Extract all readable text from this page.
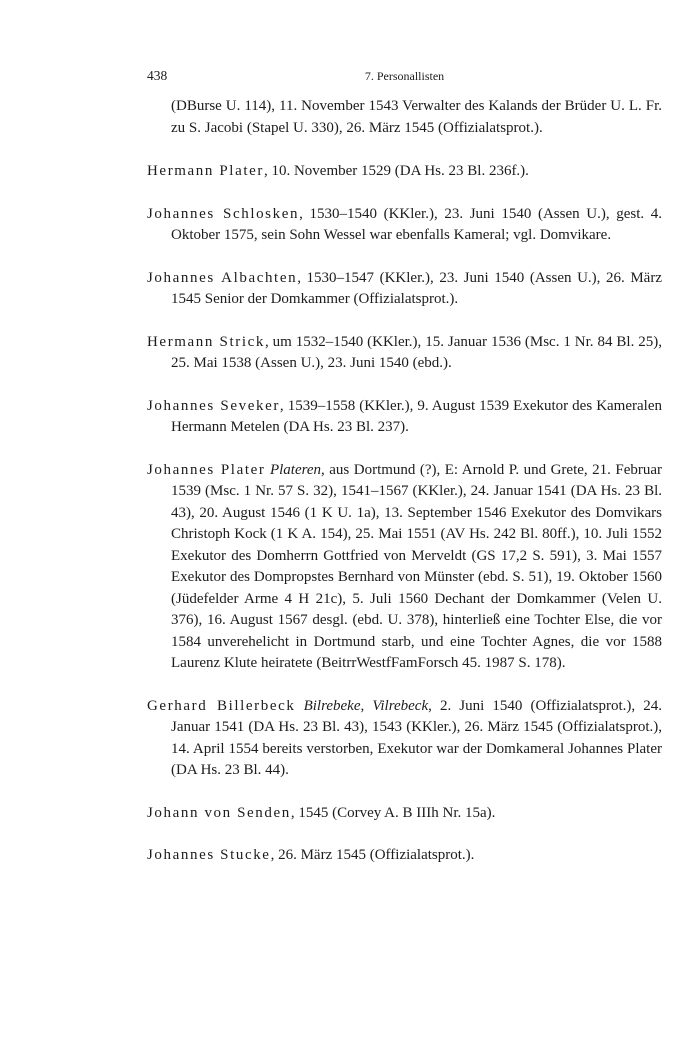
438	7. Personallisten

(DBurse U. 114), 11. November 1543 Verwalter des Kalands der Brüder U. L. Fr. zu S. Jacobi (Stapel U. 330), 26. März 1545 (Offizialatsprot.).

Hermann Plater, 10. November 1529 (DA Hs. 23 Bl. 236f.).

Johannes Schlosken, 1530–1540 (KKler.), 23. Juni 1540 (Assen U.), gest. 4. Oktober 1575, sein Sohn Wessel war ebenfalls Kameral; vgl. Domvikare.

Johannes Albachten, 1530–1547 (KKler.), 23. Juni 1540 (Assen U.), 26. März 1545 Senior der Domkammer (Offizialatsprot.).

Hermann Strick, um 1532–1540 (KKler.), 15. Januar 1536 (Msc. 1 Nr. 84 Bl. 25), 25. Mai 1538 (Assen U.), 23. Juni 1540 (ebd.).

Johannes Seveker, 1539–1558 (KKler.), 9. August 1539 Exekutor des Kameralen Hermann Metelen (DA Hs. 23 Bl. 237).

Johannes Plater Plateren, aus Dortmund (?), E: Arnold P. und Grete, 21. Februar 1539 (Msc. 1 Nr. 57 S. 32), 1541–1567 (KKler.), 24. Januar 1541 (DA Hs. 23 Bl. 43), 20. August 1546 (1 K U. 1a), 13. September 1546 Exekutor des Domvikars Christoph Kock (1 K A. 154), 25. Mai 1551 (AV Hs. 242 Bl. 80ff.), 10. Juli 1552 Exekutor des Domherrn Gottfried von Merveldt (GS 17,2 S. 591), 3. Mai 1557 Exekutor des Dompropstes Bernhard von Münster (ebd. S. 51), 19. Oktober 1560 (Jüdefelder Arme 4 H 21c), 5. Juli 1560 Dechant der Domkammer (Velen U. 376), 16. August 1567 desgl. (ebd. U. 378), hinterließ eine Tochter Else, die vor 1584 unverehelicht in Dortmund starb, und eine Tochter Agnes, die vor 1588 Laurenz Klute heiratete (BeitrrWestfFamForsch 45. 1987 S. 178).

Gerhard Billerbeck Bilrebeke, Vilrebeck, 2. Juni 1540 (Offizialatsprot.), 24. Januar 1541 (DA Hs. 23 Bl. 43), 1543 (KKler.), 26. März 1545 (Offizialatsprot.), 14. April 1554 bereits verstorben, Exekutor war der Domkameral Johannes Plater (DA Hs. 23 Bl. 44).

Johann von Senden, 1545 (Corvey A. B IIIh Nr. 15a).

Johannes Stucke, 26. März 1545 (Offizialatsprot.).
